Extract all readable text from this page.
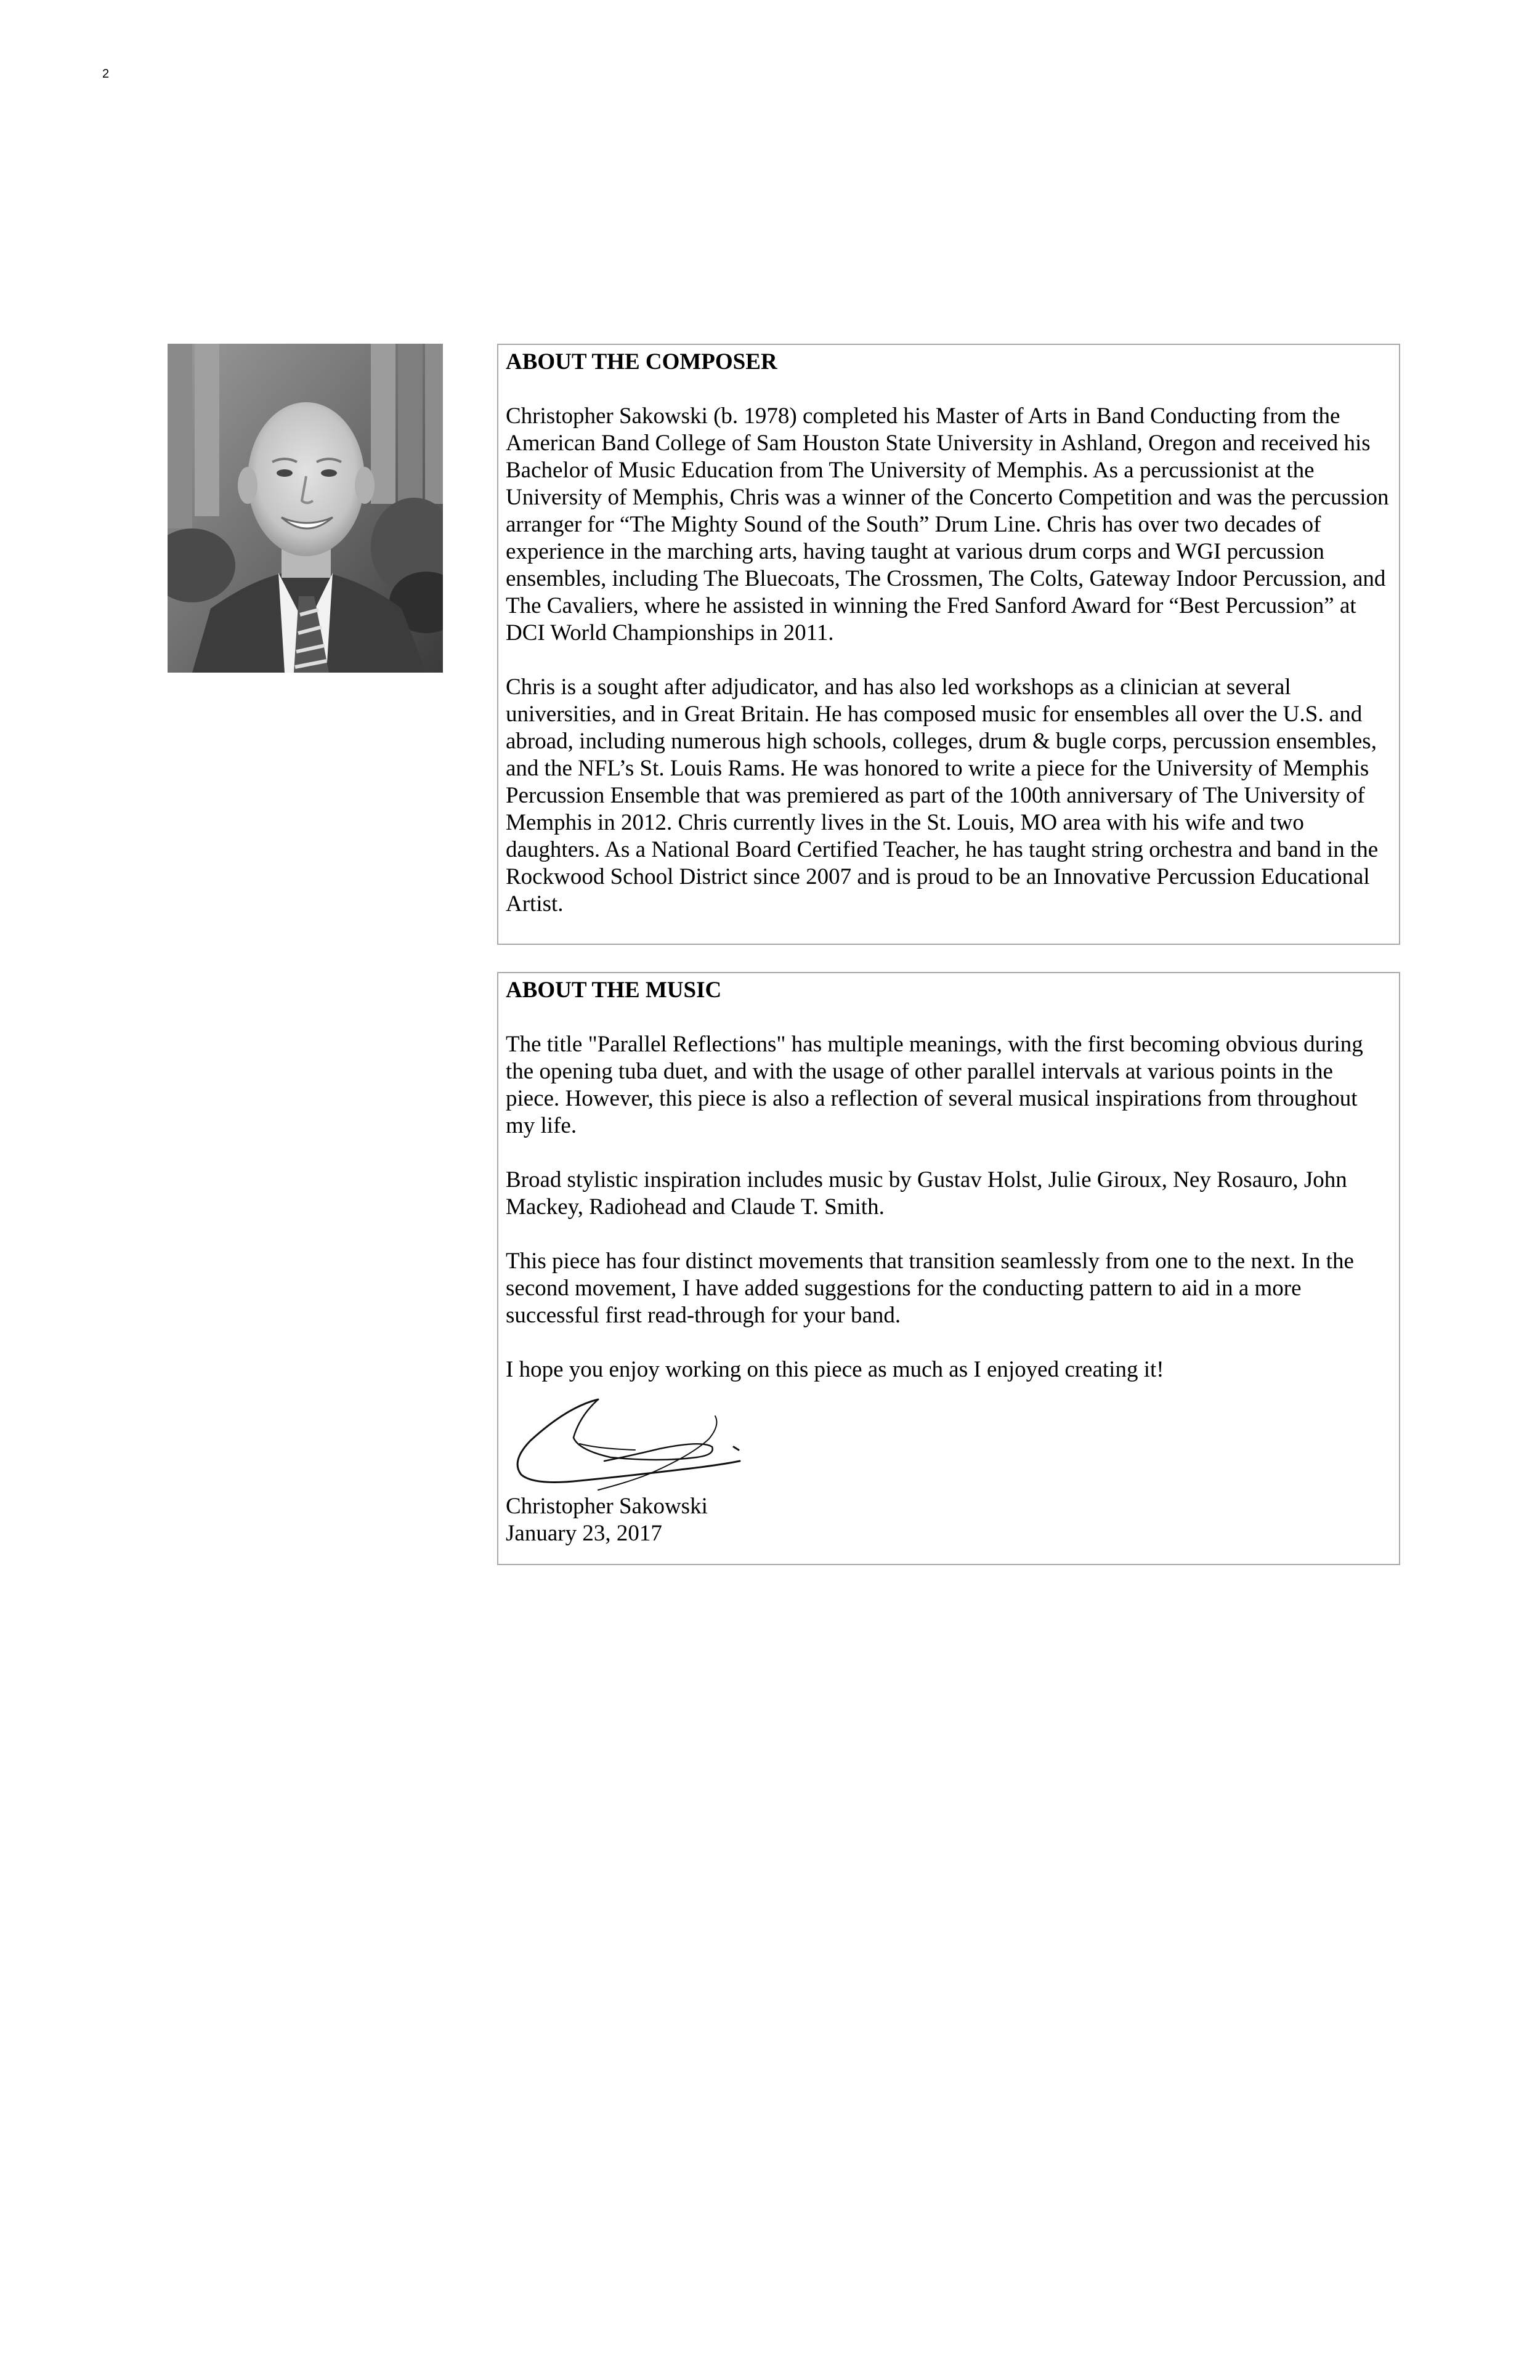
2
ABOUT THE COMPOSER

Christopher Sakowski (b. 1978) completed his Master of Arts in Band Conducting from the American Band College of Sam Houston State University in Ashland, Oregon and received his Bachelor of Music Education from The University of Memphis. As a percussionist at the University of Memphis, Chris was a winner of the Concerto Competition and was the percussion arranger for “The Mighty Sound of the South” Drum Line. Chris has over two decades of experience in the marching arts, having taught at various drum corps and WGI percussion ensembles, including The Bluecoats, The Crossmen, The Colts, Gateway Indoor Percussion, and The Cavaliers, where he assisted in winning the Fred Sanford Award for “Best Percussion” at DCI World Championships in 2011.

Chris is a sought after adjudicator, and has also led workshops as a clinician at several universities, and in Great Britain. He has composed music for ensembles all over the U.S. and abroad, including numerous high schools, colleges, drum & bugle corps, percussion ensembles, and the NFL’s St. Louis Rams. He was honored to write a piece for the University of Memphis Percussion Ensemble that was premiered as part of the 100th anniversary of The University of Memphis in 2012. Chris currently lives in the St. Louis, MO area with his wife and two daughters. As a National Board Certified Teacher, he has taught string orchestra and band in the Rockwood School District since 2007 and is proud to be an Innovative Percussion Educational Artist.

ABOUT THE MUSIC

The title "Parallel Reflections" has multiple meanings, with the first becoming obvious during the opening tuba duet, and with the usage of other parallel intervals at various points in the piece. However, this piece is also a reflection of several musical inspirations from throughout my life.

Broad stylistic inspiration includes music by Gustav Holst, Julie Giroux, Ney Rosauro, John Mackey, Radiohead and Claude T. Smith.

This piece has four distinct movements that transition seamlessly from one to the next. In the second movement, I have added suggestions for the conducting pattern to aid in a more successful first read-through for your band.

I hope you enjoy working on this piece as much as I enjoyed creating it!

Christopher Sakowski
January 23, 2017
